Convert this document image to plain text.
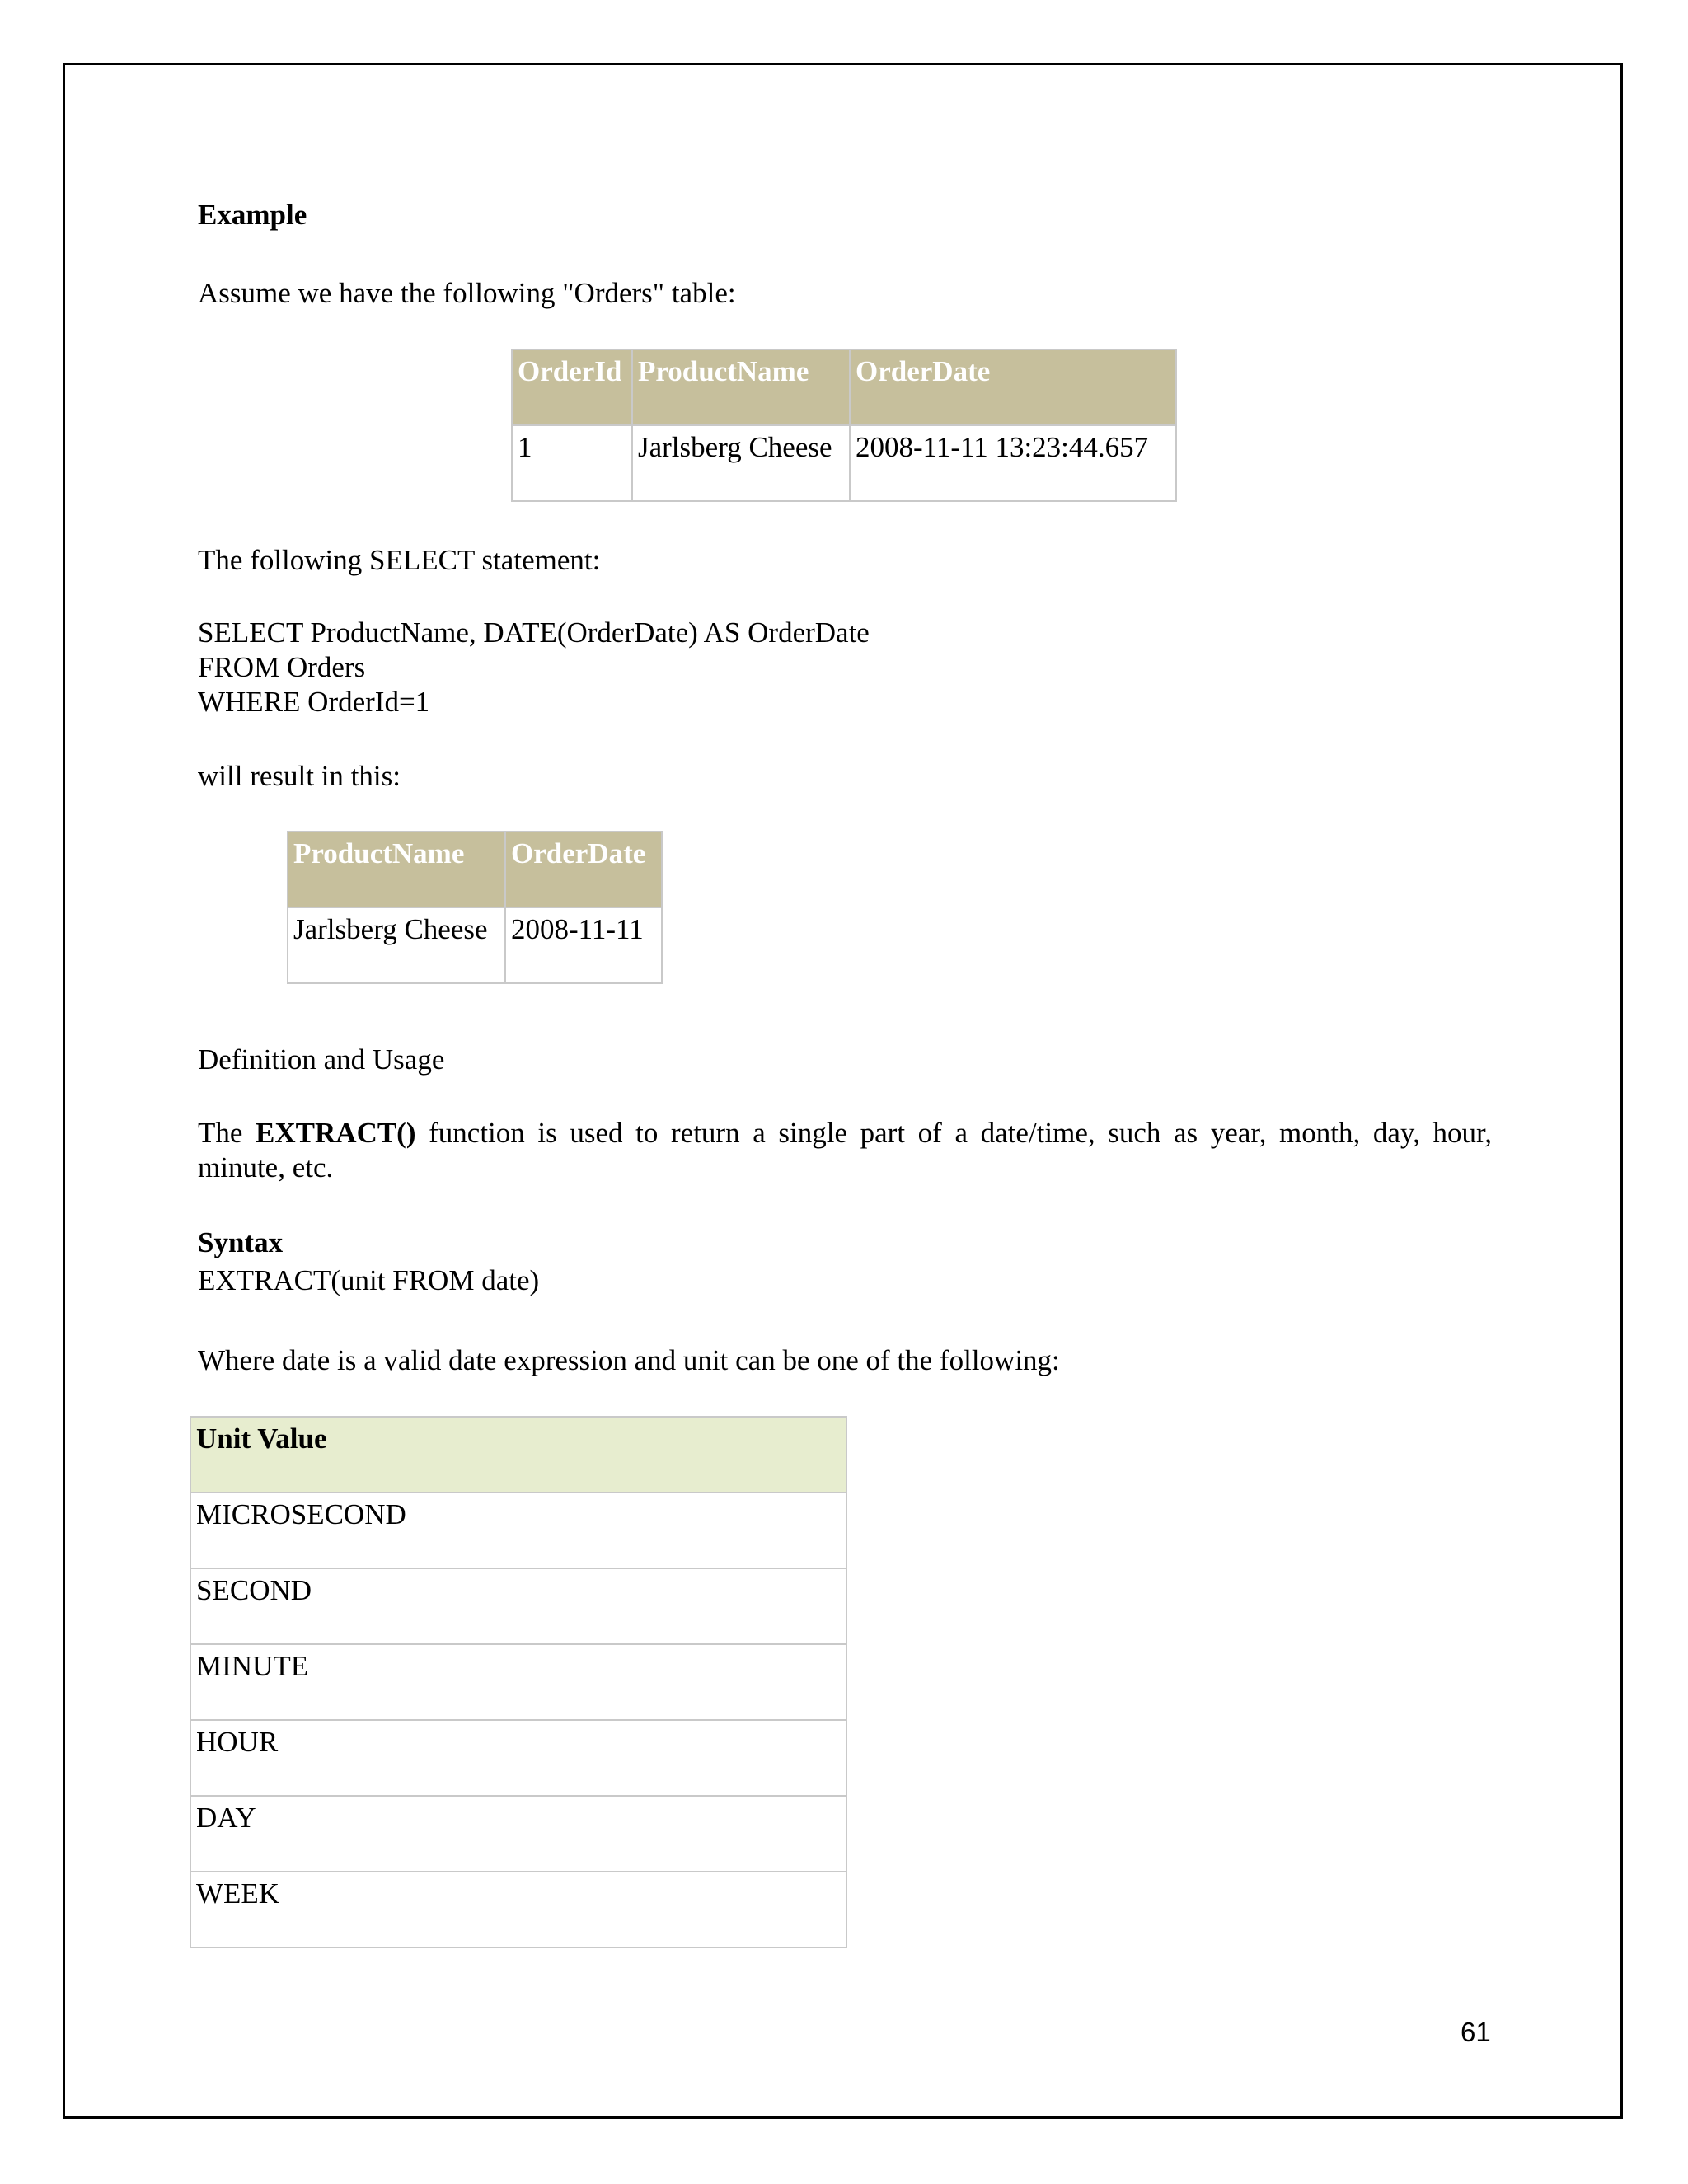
Example

Assume we have the following "Orders" table:

OrderId	ProductName	OrderDate
1	Jarlsberg Cheese	2008-11-11 13:23:44.657

The following SELECT statement:

SELECT ProductName, DATE(OrderDate) AS OrderDate
FROM Orders
WHERE OrderId=1

will result in this:

ProductName	OrderDate
Jarlsberg Cheese	2008-11-11

Definition and Usage

The EXTRACT() function is used to return a single part of a date/time, such as year, month, day, hour,
minute, etc.

Syntax

EXTRACT(unit FROM date)

Where date is a valid date expression and unit can be one of the following:

Unit Value
MICROSECOND
SECOND
MINUTE
HOUR
DAY
WEEK

61
